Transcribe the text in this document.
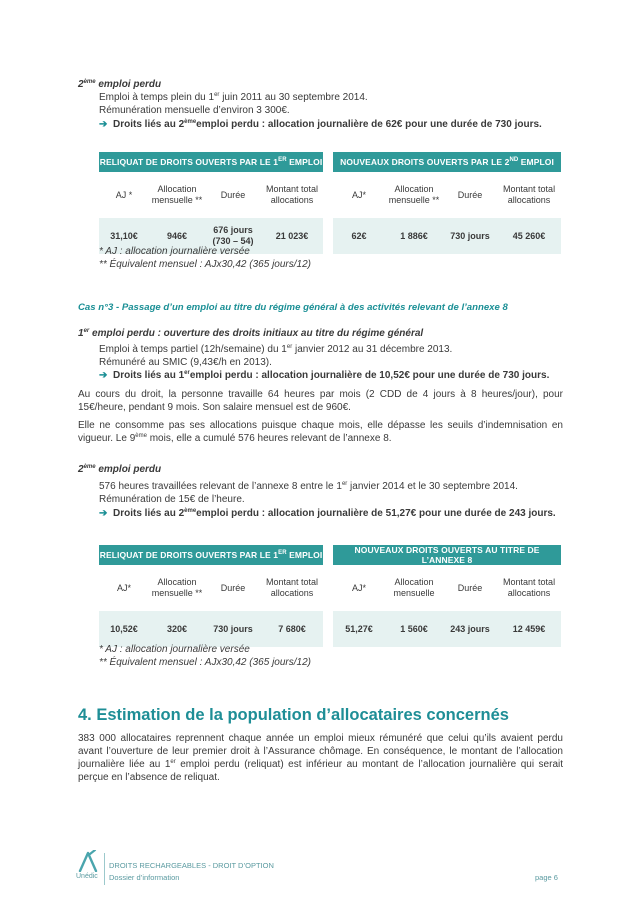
2ème emploi perdu
Emploi à temps plein du 1er juin 2011 au 30 septembre 2014.
Rémunération mensuelle d’environ 3 300€.
➔ Droits liés au 2èmeemploi perdu : allocation journalière de 62€ pour une durée de 730 jours.
RELIQUAT DE DROITS OUVERTS PAR LE 1ER EMPLOI					NOUVEAUX DROITS OUVERTS PAR LE 2ND EMPLOI			
AJ *	Allocation mensuelle **	Durée	Montant total allocations		AJ*	Allocation mensuelle **	Durée	Montant total allocations
31,10€	946€	676 jours (730 – 54)	21 023€		62€	1 886€	730 jours	45 260€
* AJ : allocation journalière versée
** Équivalent mensuel : AJx30,42 (365 jours/12)
Cas n°3 - Passage d’un emploi au titre du régime général à des activités relevant de l’annexe 8
1er emploi perdu : ouverture des droits initiaux au titre du régime général
Emploi à temps partiel (12h/semaine) du 1er janvier 2012 au 31 décembre 2013.
Rémunéré au SMIC (9,43€/h en 2013).
➔ Droits liés au 1eremploi perdu : allocation journalière de 10,52€ pour une durée de 730 jours.
Au cours du droit, la personne travaille 64 heures par mois (2 CDD de 4 jours à 8 heures/jour), pour 15€/heure, pendant 9 mois. Son salaire mensuel est de 960€.
Elle ne consomme pas ses allocations puisque chaque mois, elle dépasse les seuils d’indemnisation en vigueur. Le 9ème mois, elle a cumulé 576 heures relevant de l’annexe 8.
2ème emploi perdu
576 heures travaillées relevant de l’annexe 8 entre le 1er janvier 2014 et le 30 septembre 2014.
Rémunération de 15€ de l’heure.
➔ Droits liés au 2èmeemploi perdu : allocation journalière de 51,27€ pour une durée de 243 jours.
RELIQUAT DE DROITS OUVERTS PAR LE 1ER EMPLOI					NOUVEAUX DROITS OUVERTS AU TITRE DE L’ANNEXE 8			
AJ*	Allocation mensuelle **	Durée	Montant total allocations		AJ*	Allocation mensuelle	Durée	Montant total allocations
10,52€	320€	730 jours	7 680€		51,27€	1 560€	243 jours	12 459€
* AJ : allocation journalière versée
** Équivalent mensuel : AJx30,42 (365 jours/12)
4. Estimation de la population d’allocataires concernés
383 000 allocataires reprennent chaque année un emploi mieux rémunéré que celui qu’ils avaient perdu avant l’ouverture de leur premier droit à l’Assurance chômage. En conséquence, le montant de l’allocation journalière liée au 1er emploi perdu (reliquat) est inférieur au montant de l’allocation journalière qui serait perçue en l’absence de reliquat.
Unédic
DROITS RECHARGEABLES - DROIT D’OPTION
Dossier d’information	page 6
